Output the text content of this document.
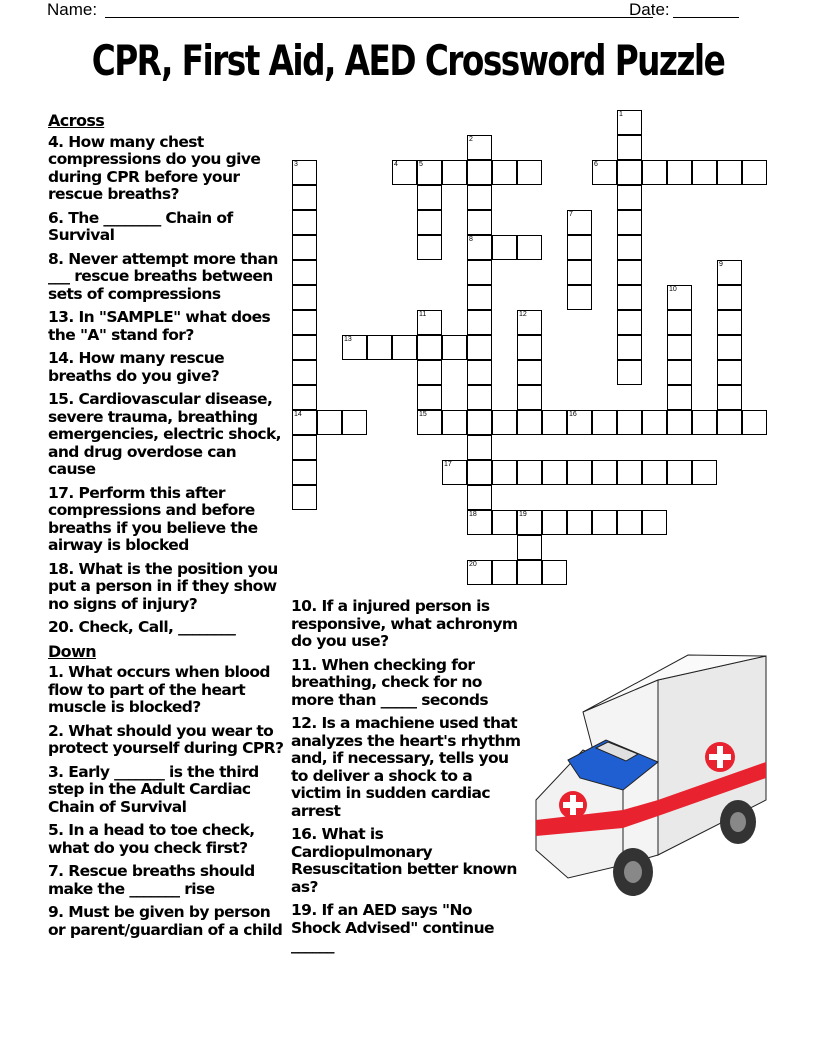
Name:	Date:
CPR, First Aid, AED Crossword Puzzle
Across
4. How many chest compressions do you give during CPR before your rescue breaths?
6. The ________ Chain of Survival
8. Never attempt more than ___ rescue breaths between sets of compressions
13. In "SAMPLE" what does the "A" stand for?
14. How many rescue breaths do you give?
15. Cardiovascular disease, severe trauma, breathing emergencies, electric shock, and drug overdose can cause
17. Perform this after compressions and before breaths if you believe the airway is blocked
18. What is the position you put a person in if they show no signs of injury?
20. Check, Call, ________
Down
1. What occurs when blood flow to part of the heart muscle is blocked?
2. What should you wear to protect yourself during CPR?
3. Early _______ is the third step in the Adult Cardiac Chain of Survival
5. In a head to toe check, what do you check first?
7. Rescue breaths should make the _______ rise
9. Must be given by person or parent/guardian of a child
10. If a injured person is responsive, what achronym do you use?
11. When checking for breathing, check for no more than _____ seconds
12. Is a machiene used that analyzes the heart's rhythm and, if necessary, tells you to deliver a shock to a victim in sudden cardiac arrest
16. What is Cardiopulmonary Resuscitation better known as?
19. If an AED says "No Shock Advised" continue ______
1
2
8
18
3
14
4	5	6
7
9
10
11	12
13
15	16
17
19
20
